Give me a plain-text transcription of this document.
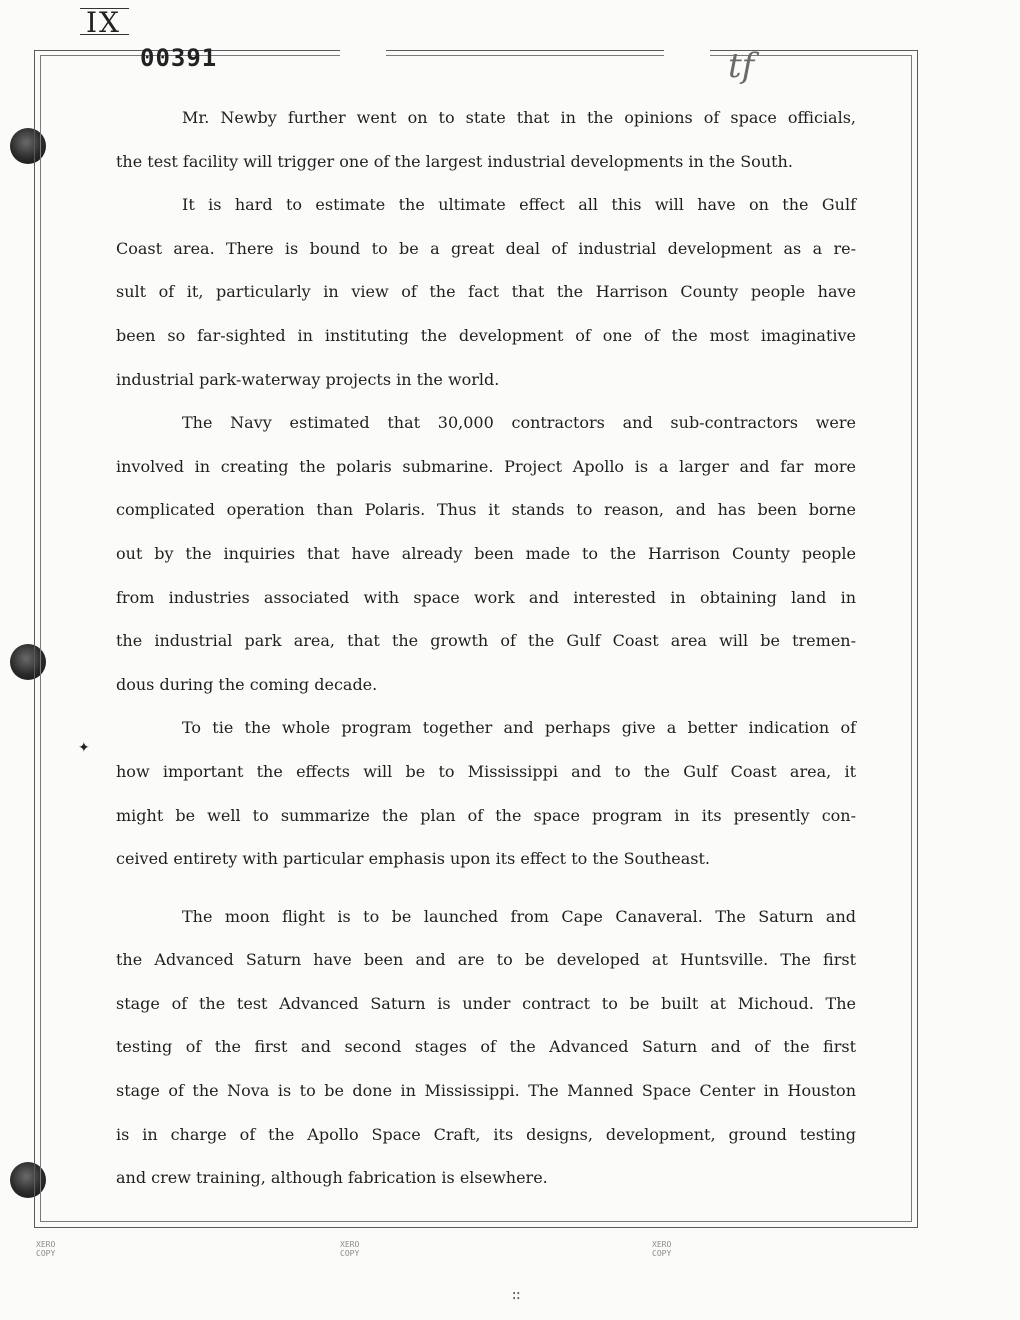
IX
00391	tf
✦
Mr. Newby further went on to state that in the opinions of space officials,
the test facility will trigger one of the largest industrial developments in the South.
It is hard to estimate the ultimate effect all this will have on the Gulf
Coast area. There is bound to be a great deal of industrial development as a re-
sult of it, particularly in view of the fact that the Harrison County people have
been so far-sighted in instituting the development of one of the most imaginative
industrial park-waterway projects in the world.
The Navy estimated that 30,000 contractors and sub-contractors were
involved in creating the polaris submarine. Project Apollo is a larger and far more
complicated operation than Polaris. Thus it stands to reason, and has been borne
out by the inquiries that have already been made to the Harrison County people
from industries associated with space work and interested in obtaining land in
the industrial park area, that the growth of the Gulf Coast area will be tremen-
dous during the coming decade.
To tie the whole program together and perhaps give a better indication of
how important the effects will be to Mississippi and to the Gulf Coast area, it
might be well to summarize the plan of the space program in its presently con-
ceived entirety with particular emphasis upon its effect to the Southeast.
The moon flight is to be launched from Cape Canaveral. The Saturn and
the Advanced Saturn have been and are to be developed at Huntsville. The first
stage of the test Advanced Saturn is under contract to be built at Michoud. The
testing of the first and second stages of the Advanced Saturn and of the first
stage of the Nova is to be done in Mississippi. The Manned Space Center in Houston
is in charge of the Apollo Space Craft, its designs, development, ground testing
and crew training, although fabrication is elsewhere.
XERO
COPY
XERO
COPY
XERO
COPY
∷
